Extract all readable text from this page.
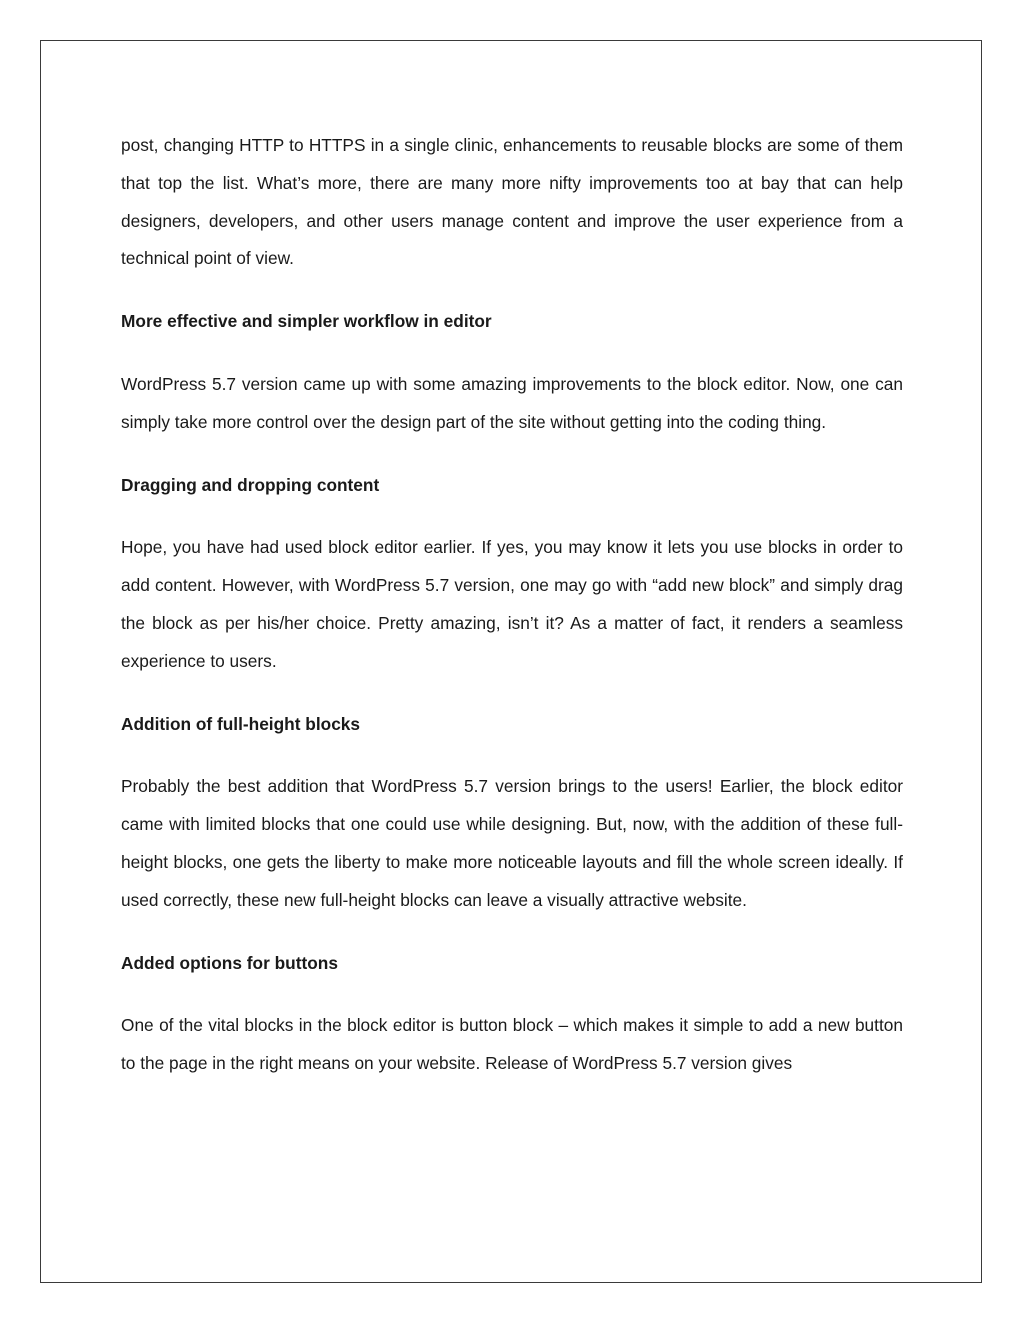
post, changing HTTP to HTTPS in a single clinic, enhancements to reusable blocks are some of them that top the list. What’s more, there are many more nifty improvements too at bay that can help designers, developers, and other users manage content and improve the user experience from a technical point of view.

More effective and simpler workflow in editor

WordPress 5.7 version came up with some amazing improvements to the block editor. Now, one can simply take more control over the design part of the site without getting into the coding thing.

Dragging and dropping content

Hope, you have had used block editor earlier. If yes, you may know it lets you use blocks in order to add content. However, with WordPress 5.7 version, one may go with “add new block” and simply drag the block as per his/her choice. Pretty amazing, isn’t it? As a matter of fact, it renders a seamless experience to users.

Addition of full-height blocks

Probably the best addition that WordPress 5.7 version brings to the users! Earlier, the block editor came with limited blocks that one could use while designing. But, now, with the addition of these full-height blocks, one gets the liberty to make more noticeable layouts and fill the whole screen ideally. If used correctly, these new full-height blocks can leave a visually attractive website.

Added options for buttons

One of the vital blocks in the block editor is button block – which makes it simple to add a new button to the page in the right means on your website. Release of WordPress 5.7 version gives
